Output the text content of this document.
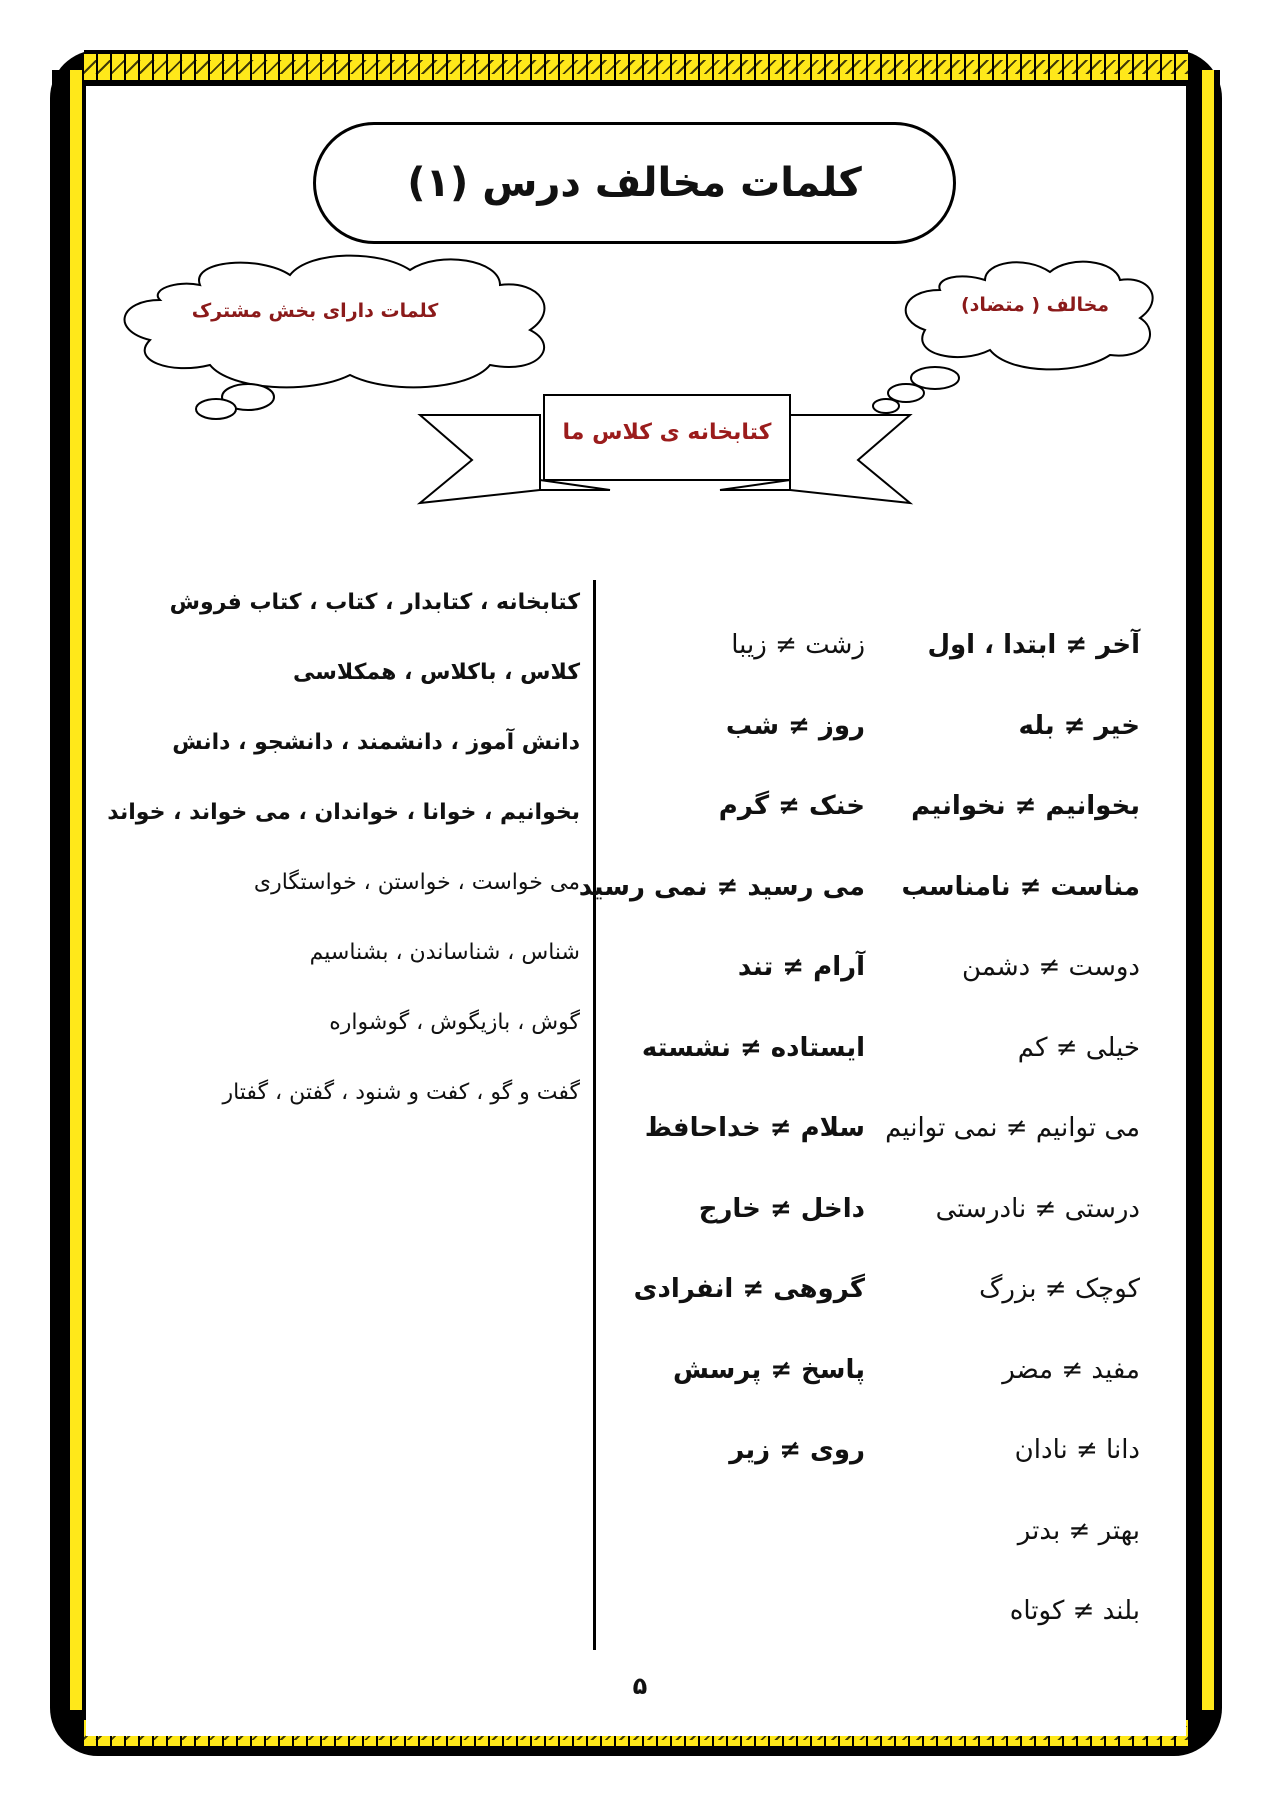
کلمات مخالف درس (۱)
کلمات دارای بخش مشترک	مخالف ( متضاد)
کتابخانه ی کلاس ما
آخر ≠ ابتدا ، اول
خیر ≠ بله
بخوانیم ≠ نخوانیم
مناست ≠ نامناسب
دوست ≠ دشمن
خیلی ≠ کم
می توانیم ≠ نمی توانیم
درستی ≠ نادرستی
کوچک ≠ بزرگ
مفید ≠ مضر
دانا ≠ نادان
بهتر ≠ بدتر
بلند ≠ کوتاه
زشت ≠ زیبا
روز ≠ شب
خنک ≠ گرم
می رسید ≠ نمی رسید
آرام ≠ تند
ایستاده ≠ نشسته
سلام ≠ خداحافظ
داخل ≠ خارج
گروهی ≠ انفرادی
پاسخ ≠ پرسش
روی ≠ زیر
کتابخانه ، کتابدار ، کتاب ، کتاب فروش
کلاس ، باکلاس ، همکلاسی
دانش آموز ، دانشمند ، دانشجو ، دانش
بخوانیم ، خوانا ، خواندان ، می خواند ، خواند
می خواست ، خواستن ، خواستگاری
شناس ، شناساندن ، بشناسیم
گوش ، بازیگوش ، گوشواره
گفت و گو ، کفت و شنود ، گفتن ، گفتار
۵
